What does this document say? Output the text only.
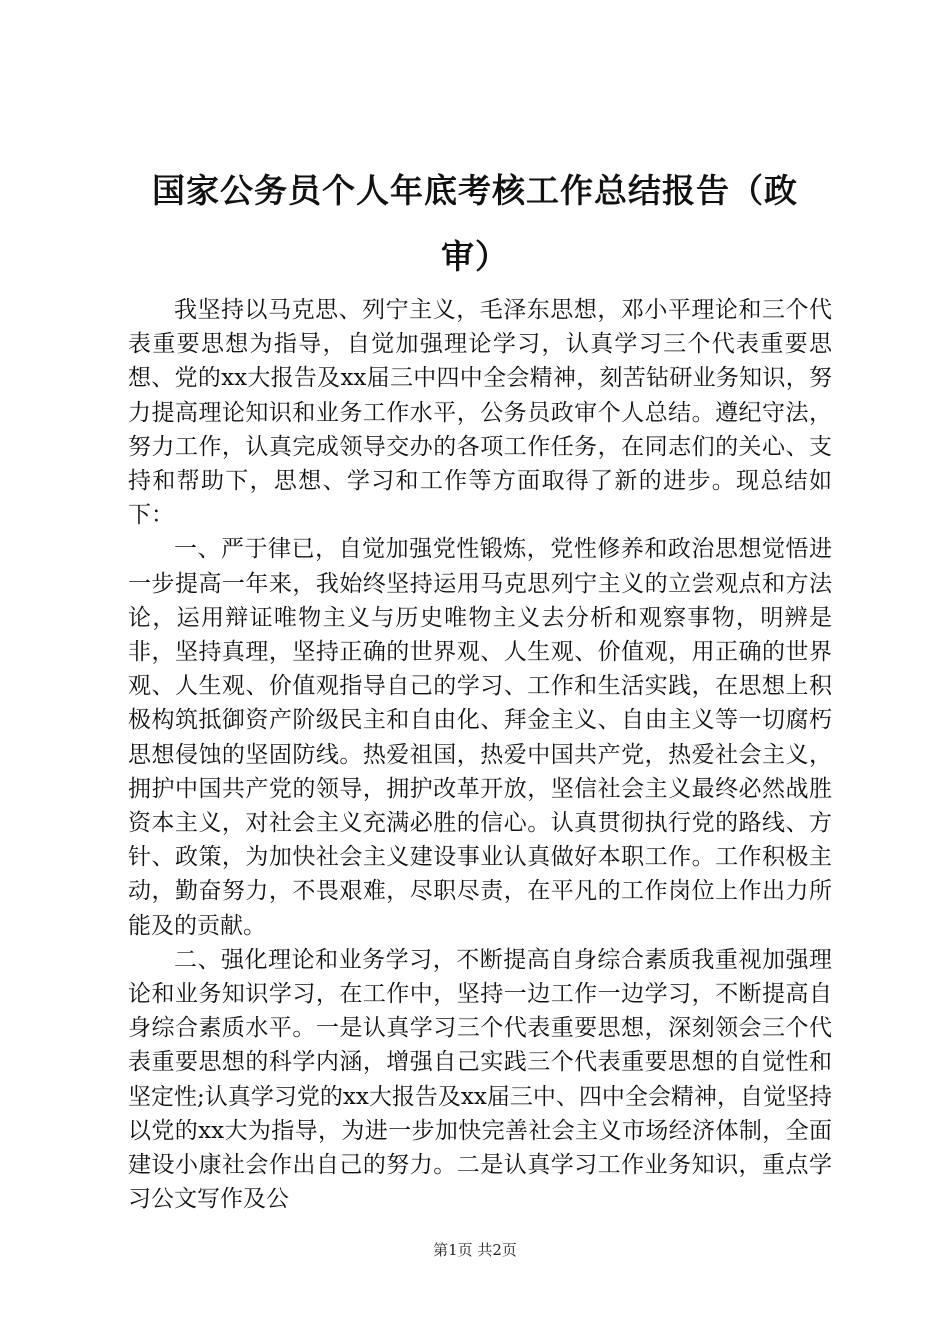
国家公务员个人年底考核工作总结报告（政审）

我坚持以马克思、列宁主义，毛泽东思想，邓小平理论和三个代表重要思想为指导，自觉加强理论学习，认真学习三个代表重要思想、党的xx大报告及xx届三中四中全会精神，刻苦钻研业务知识，努力提高理论知识和业务工作水平，公务员政审个人总结。遵纪守法，努力工作，认真完成领导交办的各项工作任务，在同志们的关心、支持和帮助下，思想、学习和工作等方面取得了新的进步。现总结如下：

一、严于律已，自觉加强党性锻炼，党性修养和政治思想觉悟进一步提高一年来，我始终坚持运用马克思列宁主义的立尝观点和方法论，运用辩证唯物主义与历史唯物主义去分析和观察事物，明辨是非，坚持真理，坚持正确的世界观、人生观、价值观，用正确的世界观、人生观、价值观指导自己的学习、工作和生活实践，在思想上积极构筑抵御资产阶级民主和自由化、拜金主义、自由主义等一切腐朽思想侵蚀的坚固防线。热爱祖国，热爱中国共产党，热爱社会主义，拥护中国共产党的领导，拥护改革开放，坚信社会主义最终必然战胜资本主义，对社会主义充满必胜的信心。认真贯彻执行党的路线、方针、政策，为加快社会主义建设事业认真做好本职工作。工作积极主动，勤奋努力，不畏艰难，尽职尽责，在平凡的工作岗位上作出力所能及的贡献。

二、强化理论和业务学习，不断提高自身综合素质我重视加强理论和业务知识学习，在工作中，坚持一边工作一边学习，不断提高自身综合素质水平。一是认真学习三个代表重要思想，深刻领会三个代表重要思想的科学内涵，增强自己实践三个代表重要思想的自觉性和坚定性;认真学习党的xx大报告及xx届三中、四中全会精神，自觉坚持以党的xx大为指导，为进一步加快完善社会主义市场经济体制，全面建设小康社会作出自己的努力。二是认真学习工作业务知识，重点学习公文写作及公

第1页 共2页
